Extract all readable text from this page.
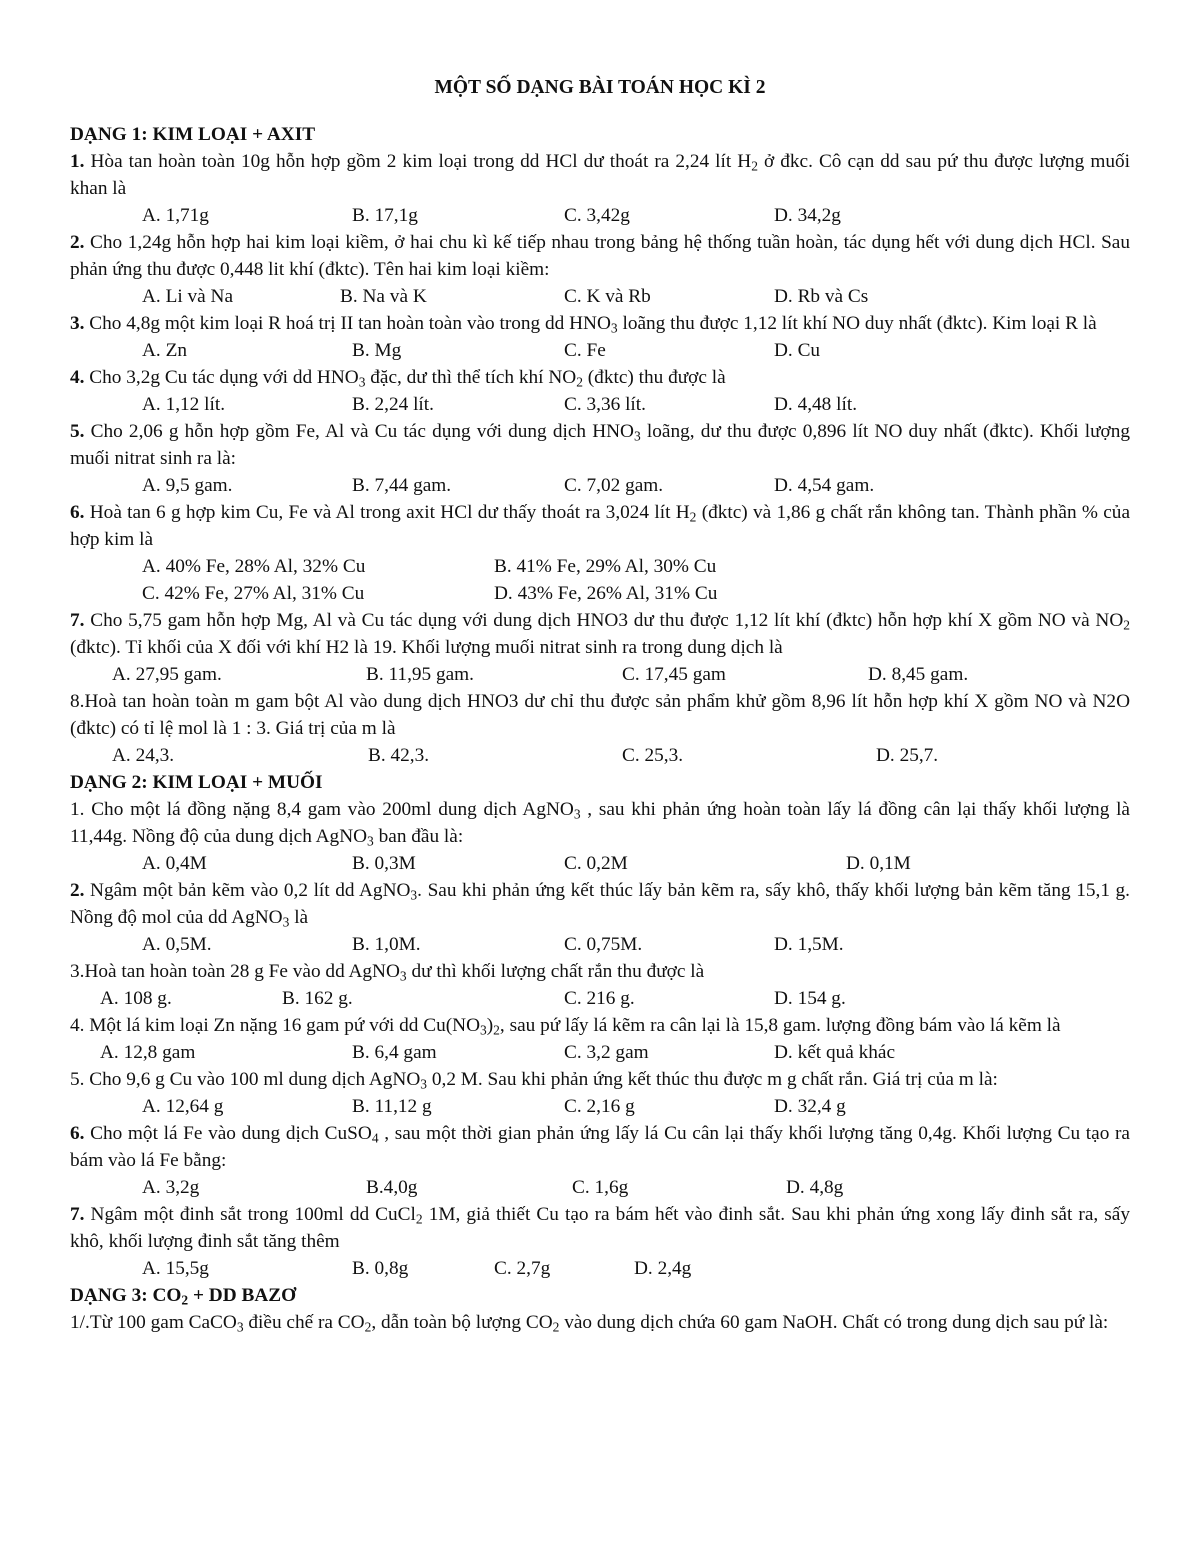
MỘT SỐ DẠNG BÀI TOÁN HỌC KÌ 2
DẠNG 1: KIM LOẠI + AXIT
1. Hòa tan hoàn toàn 10g hỗn hợp gồm 2 kim loại trong dd HCl dư thoát ra 2,24 lít $H_2$ ở đkc. Cô cạn dd sau pứ thu được lượng muối khan là
A. 1,71g	B. 17,1g	C. 3,42g	D. 34,2g
2. Cho 1,24g hỗn hợp hai kim loại kiềm, ở hai chu kì kế tiếp nhau trong bảng hệ thống tuần hoàn, tác dụng hết với dung dịch HCl. Sau phản ứng thu được 0,448 lit khí (đktc). Tên hai kim loại kiềm:
A. Li và Na	B. Na và K	C. K và Rb	D. Rb và Cs
3. Cho 4,8g một kim loại R hoá trị II tan hoàn toàn vào trong dd $HNO_3$ loãng thu được 1,12 lít khí NO duy nhất (đktc). Kim loại R là
A. Zn	B. Mg	C. Fe	D. Cu
4. Cho 3,2g Cu tác dụng với dd $HNO_3$ đặc, dư thì thể tích khí $NO_2$ (đktc) thu được là
A. 1,12 lít.	B. 2,24 lít.	C. 3,36 lít.	D. 4,48 lít.
5. Cho 2,06 g hỗn hợp gồm Fe, Al và Cu tác dụng với dung dịch $HNO_3$ loãng, dư thu được 0,896 lít NO duy nhất (đktc). Khối lượng muối nitrat sinh ra là:
A. 9,5 gam.	B. 7,44 gam.	C. 7,02 gam.	D. 4,54 gam.
6. Hoà tan 6 g hợp kim Cu, Fe và Al trong axit HCl dư thấy thoát ra 3,024 lít $H_2$ (đktc) và 1,86 g chất rắn không tan. Thành phần % của hợp kim là
A. 40% Fe, 28% Al, 32% Cu	B. 41% Fe, 29% Al, 30% Cu
C. 42% Fe, 27% Al, 31% Cu	D. 43% Fe, 26% Al, 31% Cu
7. Cho 5,75 gam hỗn hợp Mg, Al và Cu tác dụng với dung dịch HNO3 dư thu được 1,12 lít khí (đktc) hỗn hợp khí X gồm NO và $NO_2$ (đktc). Tỉ khối của X đối với khí H2 là 19. Khối lượng muối nitrat sinh ra trong dung dịch là
A. 27,95 gam.	B. 11,95 gam.	C. 17,45 gam	D. 8,45 gam.
8.Hoà tan hoàn toàn m gam bột Al vào dung dịch HNO3 dư chỉ thu được sản phẩm khử gồm 8,96 lít hỗn hợp khí X gồm NO và N2O (đktc) có tỉ lệ mol là 1 : 3. Giá trị của m là
A. 24,3.	B. 42,3.	C. 25,3.	D. 25,7.
DẠNG 2: KIM LOẠI + MUỐI
1. Cho một lá đồng nặng 8,4 gam vào 200ml dung dịch AgNO$_3$ , sau khi phản ứng hoàn toàn lấy lá đồng cân lại thấy khối lượng là 11,44g. Nồng độ của dung dịch AgNO$_3$ ban đầu là:
A. 0,4M	B. 0,3M	C. 0,2M	D. 0,1M
2. Ngâm một bản kẽm vào 0,2 lít dd AgNO$_3$. Sau khi phản ứng kết thúc lấy bản kẽm ra, sấy khô, thấy khối lượng bản kẽm tăng 15,1 g. Nồng độ mol của dd AgNO$_3$ là
A. 0,5M.	B. 1,0M.	C. 0,75M.	D. 1,5M.
3.Hoà tan hoàn toàn 28 g Fe vào dd AgNO$_3$ dư thì khối lượng chất rắn thu được là
A. 108 g.	B. 162 g.	C. 216 g.	D. 154 g.
4. Một lá kim loại Zn nặng 16 gam pứ với dd $Cu(NO_3)_2$, sau pứ lấy lá kẽm ra cân lại là 15,8 gam. lượng đồng bám vào lá kẽm là
A. 12,8 gam	B. 6,4 gam	C. 3,2 gam	D. kết quả khác
5. Cho 9,6 g Cu vào 100 ml dung dịch AgNO$_3$ 0,2 M. Sau khi phản ứng kết thúc thu được m g chất rắn. Giá trị của m là:
A. 12,64 g	B. 11,12 g	C. 2,16 g	D. 32,4 g
6. Cho một lá Fe vào dung dịch CuSO$_4$ , sau một thời gian phản ứng lấy lá Cu cân lại thấy khối lượng tăng 0,4g. Khối lượng Cu tạo ra bám vào lá Fe bằng:
A. 3,2g	B.4,0g	C. 1,6g	D. 4,8g
7. Ngâm một đinh sắt trong 100ml dd CuCl$_2$ 1M, giả thiết Cu tạo ra bám hết vào đinh sắt. Sau khi phản ứng xong lấy đinh sắt ra, sấy khô, khối lượng đinh sắt tăng thêm
A. 15,5g	B. 0,8g	C. 2,7g	D. 2,4g
DẠNG 3: $CO_2$ + DD BAZƠ
1/.Từ 100 gam CaCO$_3$ điều chế ra $CO_2$, dẫn toàn bộ lượng $CO_2$ vào dung dịch chứa 60 gam NaOH. Chất có trong dung dịch sau pứ là:
